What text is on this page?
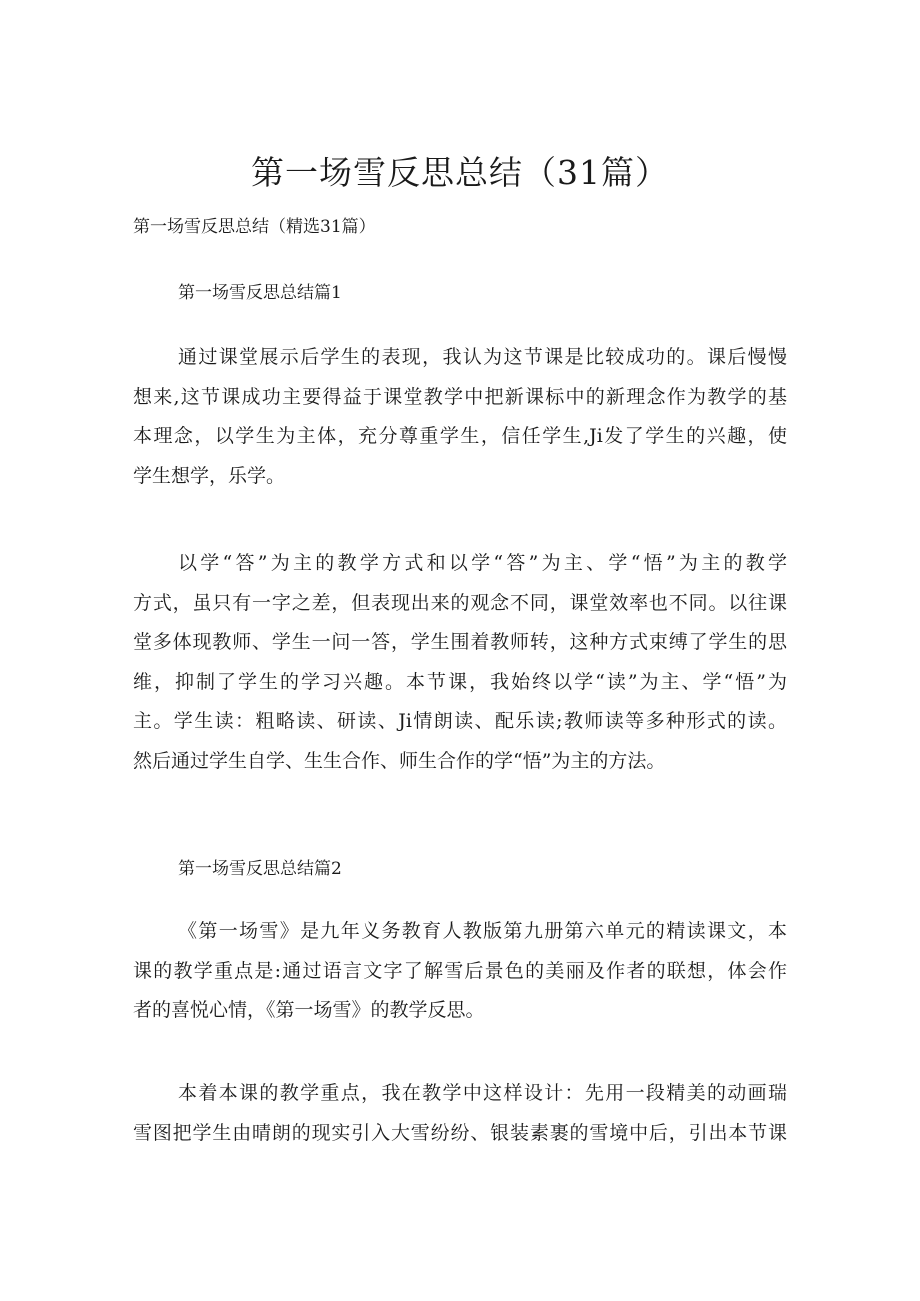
第一场雪反思总结（31篇）

第一场雪反思总结（精选31篇）

第一场雪反思总结篇1

通过课堂展示后学生的表现，我认为这节课是比较成功的。课后慢慢
想来,这节课成功主要得益于课堂教学中把新课标中的新理念作为教学的基
本理念，以学生为主体，充分尊重学生，信任学生,Ji发了学生的兴趣，使
学生想学，乐学。
以学“答”为主的教学方式和以学“答”为主、学“悟”为主的教学
方式，虽只有一字之差，但表现出来的观念不同，课堂效率也不同。以往课
堂多体现教师、学生一问一答，学生围着教师转，这种方式束缚了学生的思
维，抑制了学生的学习兴趣。本节课，我始终以学“读”为主、学“悟”为
主。学生读：粗略读、研读、Ji情朗读、配乐读;教师读等多种形式的读。
然后通过学生自学、生生合作、师生合作的学“悟”为主的方法。

第一场雪反思总结篇2

《第一场雪》是九年义务教育人教版第九册第六单元的精读课文，本
课的教学重点是:通过语言文字了解雪后景色的美丽及作者的联想，体会作
者的喜悦心情，《第一场雪》的教学反思。
本着本课的教学重点，我在教学中这样设计：先用一段精美的动画瑞
雪图把学生由晴朗的现实引入大雪纷纷、银装素裹的雪境中后，引出本节课
